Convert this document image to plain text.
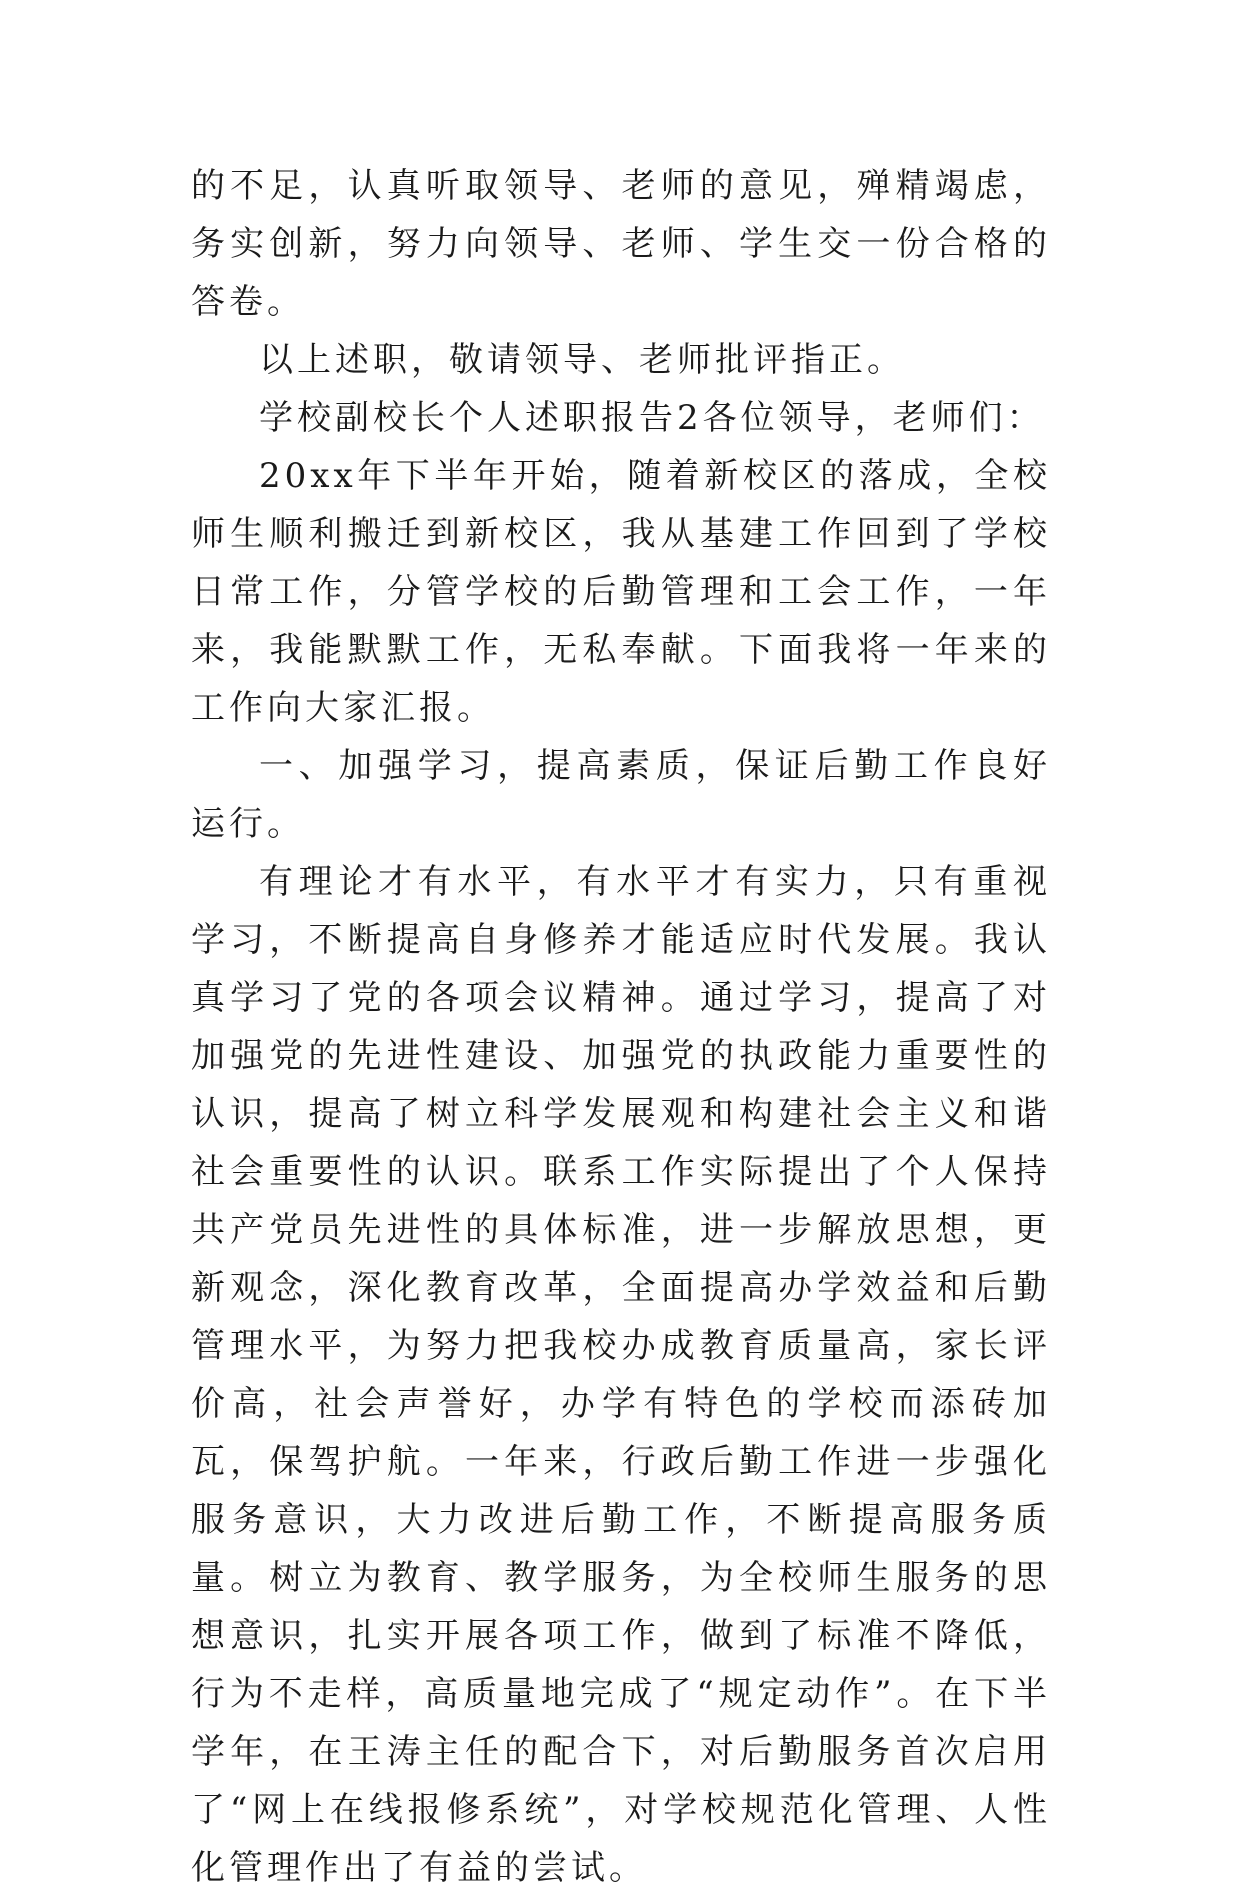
的不足，认真听取领导、老师的意见，殚精竭虑，务实创新，努力向领导、老师、学生交一份合格的答卷。

以上述职，敬请领导、老师批评指正。

学校副校长个人述职报告2各位领导，老师们：

20xx年下半年开始，随着新校区的落成，全校师生顺利搬迁到新校区，我从基建工作回到了学校日常工作，分管学校的后勤管理和工会工作，一年来，我能默默工作，无私奉献。下面我将一年来的工作向大家汇报。

一、加强学习，提高素质，保证后勤工作良好运行。

有理论才有水平，有水平才有实力，只有重视学习，不断提高自身修养才能适应时代发展。我认真学习了党的各项会议精神。通过学习，提高了对加强党的先进性建设、加强党的执政能力重要性的认识，提高了树立科学发展观和构建社会主义和谐社会重要性的认识。联系工作实际提出了个人保持共产党员先进性的具体标准，进一步解放思想，更新观念，深化教育改革，全面提高办学效益和后勤管理水平，为努力把我校办成教育质量高，家长评价高，社会声誉好，办学有特色的学校而添砖加瓦，保驾护航。一年来，行政后勤工作进一步强化服务意识，大力改进后勤工作，不断提高服务质量。树立为教育、教学服务，为全校师生服务的思想意识，扎实开展各项工作，做到了标准不降低，行为不走样，高质量地完成了“规定动作”。在下半学年，在王涛主任的配合下，对后勤服务首次启用了“网上在线报修系统”，对学校规范化管理、人性化管理作出了有益的尝试。
